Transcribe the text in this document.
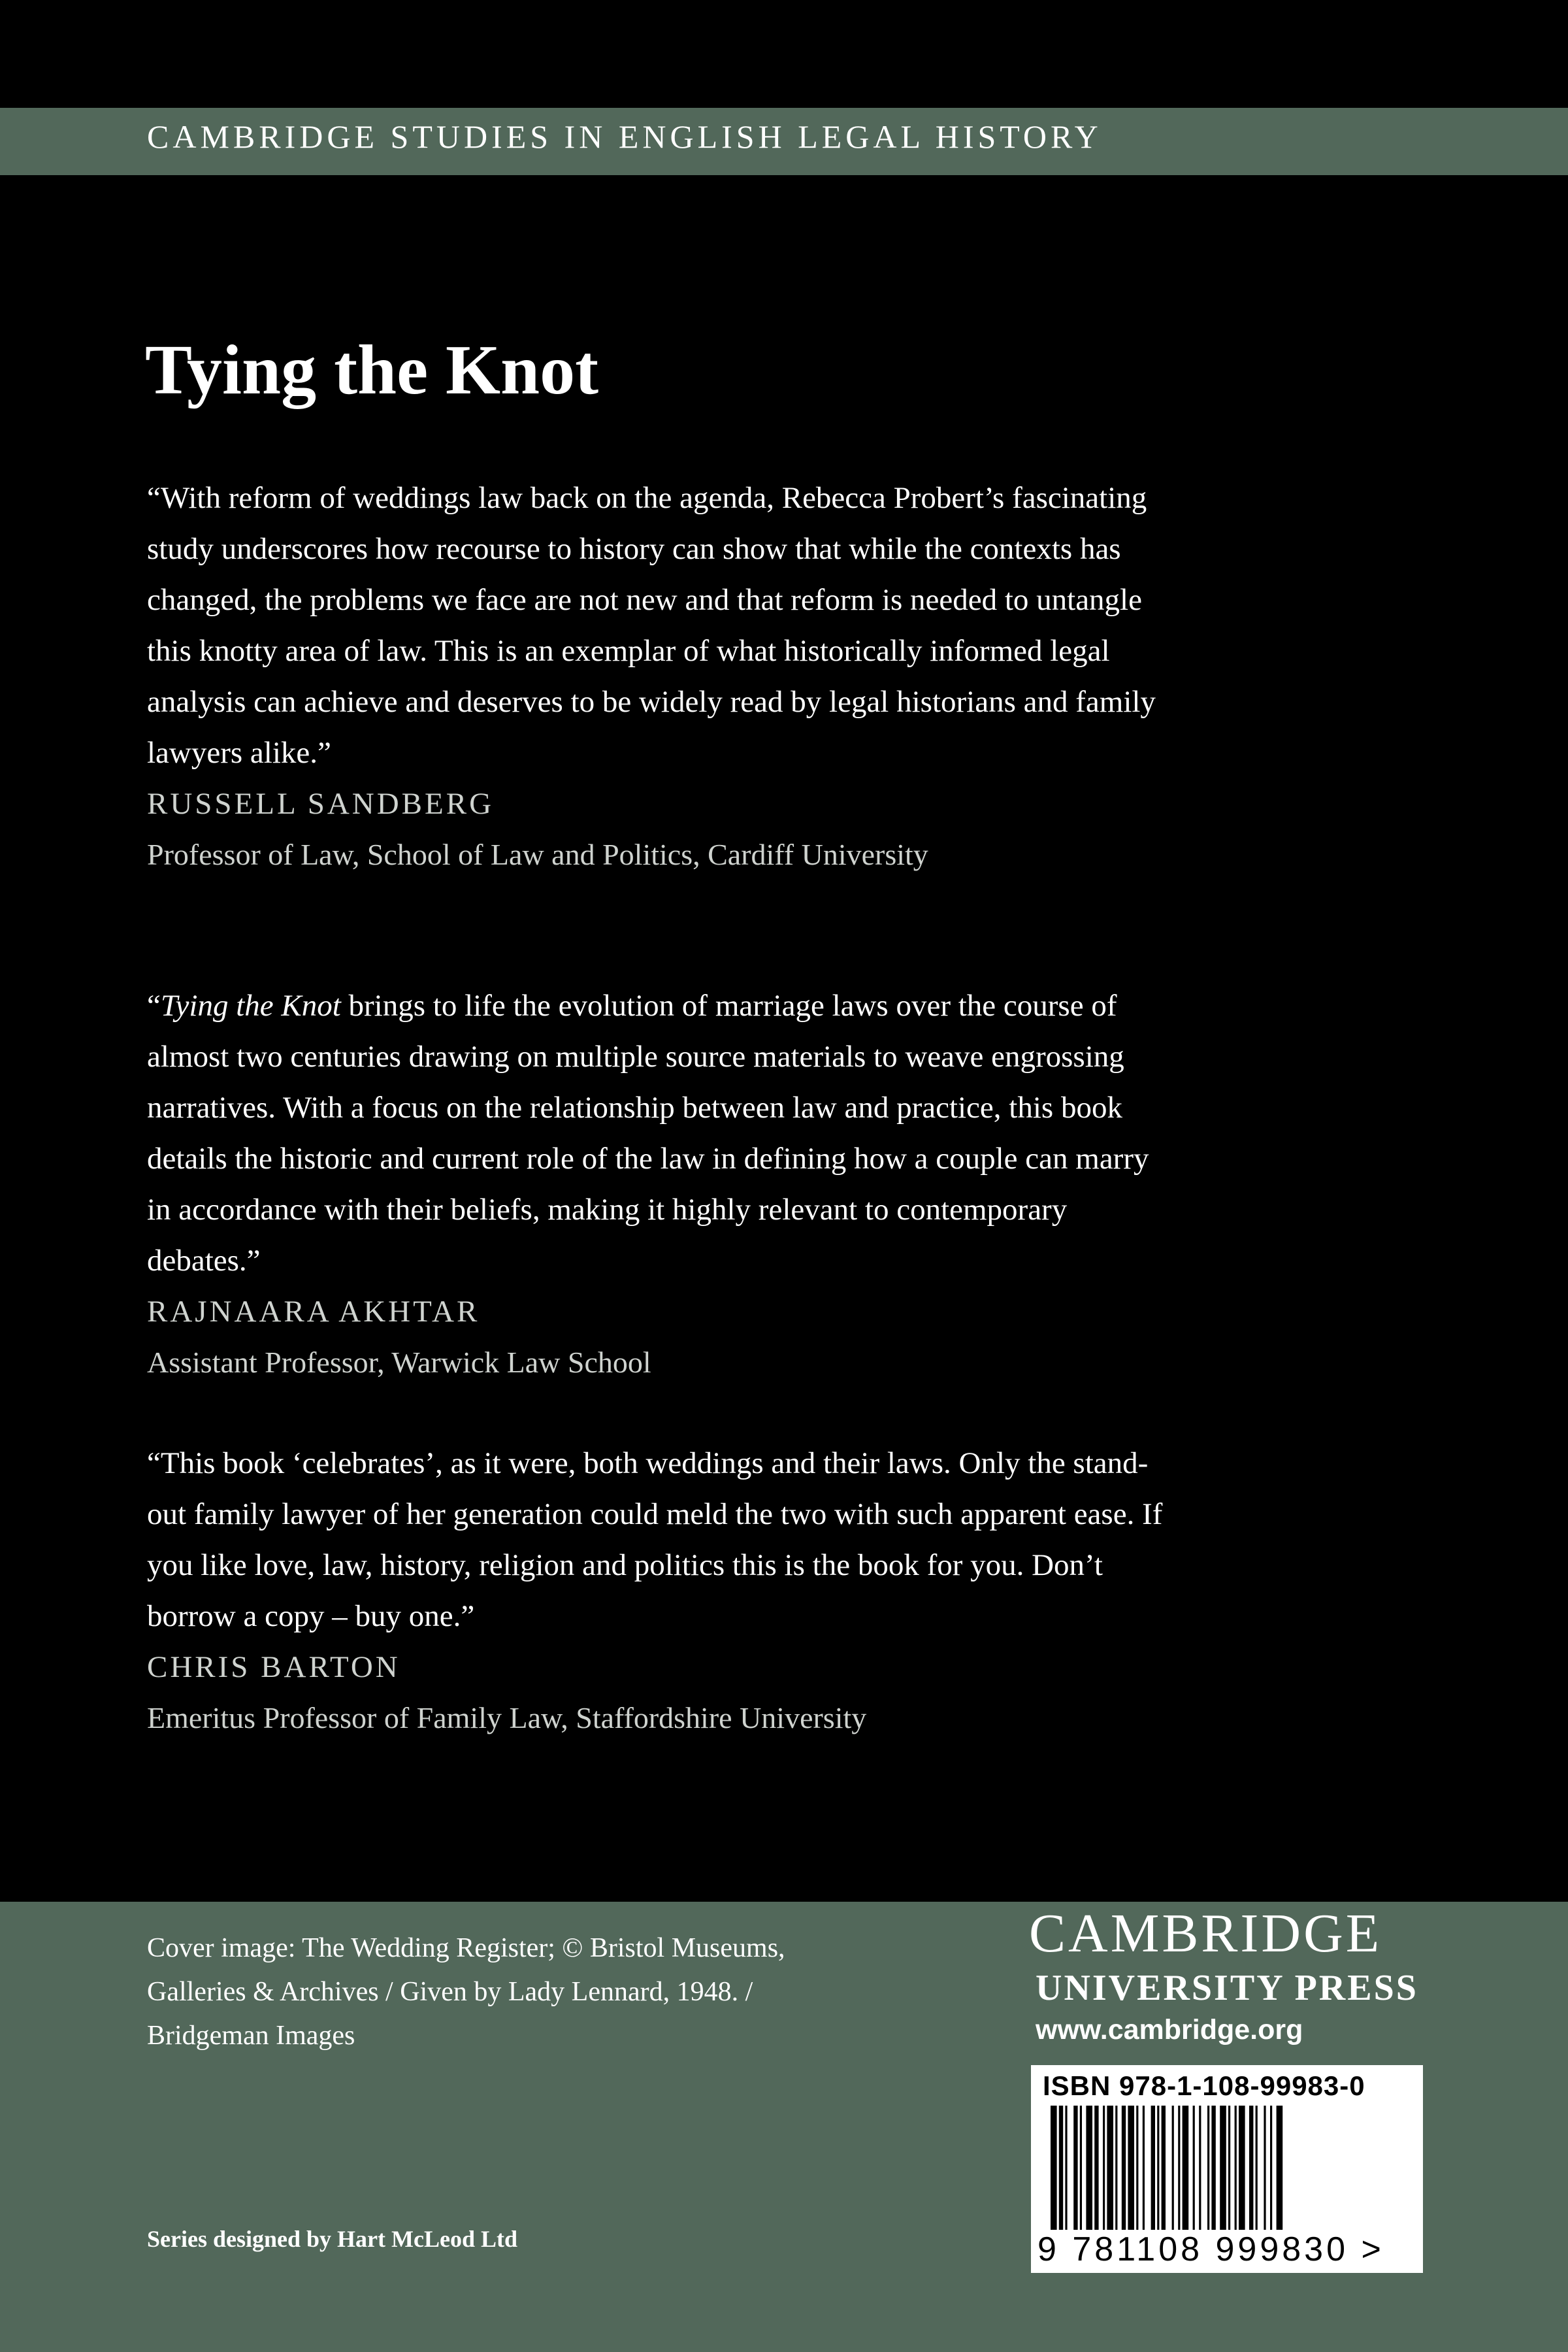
CAMBRIDGE STUDIES IN ENGLISH LEGAL HISTORY
Tying the Knot

“With reform of weddings law back on the agenda, Rebecca Probert’s fascinating study underscores how recourse to history can show that while the contexts has changed, the problems we face are not new and that reform is needed to untangle this knotty area of law. This is an exemplar of what historically informed legal analysis can achieve and deserves to be widely read by legal historians and family lawyers alike.”

RUSSELL SANDBERG

Professor of Law, School of Law and Politics, Cardiff University

“Tying the Knot brings to life the evolution of marriage laws over the course of almost two centuries drawing on multiple source materials to weave engrossing narratives. With a focus on the relationship between law and practice, this book details the historic and current role of the law in defining how a couple can marry in accordance with their beliefs, making it highly relevant to contemporary debates.”

RAJNAARA AKHTAR

Assistant Professor, Warwick Law School

“This book ‘celebrates’, as it were, both weddings and their laws. Only the stand-out family lawyer of her generation could meld the two with such apparent ease. If you like love, law, history, religion and politics this is the book for you. Don’t borrow a copy – buy one.”

CHRIS BARTON

Emeritus Professor of Family Law, Staffordshire University

Cover image: The Wedding Register; © Bristol Museums, Galleries & Archives / Given by Lady Lennard, 1948. / Bridgeman Images
Series designed by Hart McLeod Ltd
CAMBRIDGE
UNIVERSITY PRESS
www.cambridge.org
ISBN 978-1-108-99983-0
9 781108 999830 >
